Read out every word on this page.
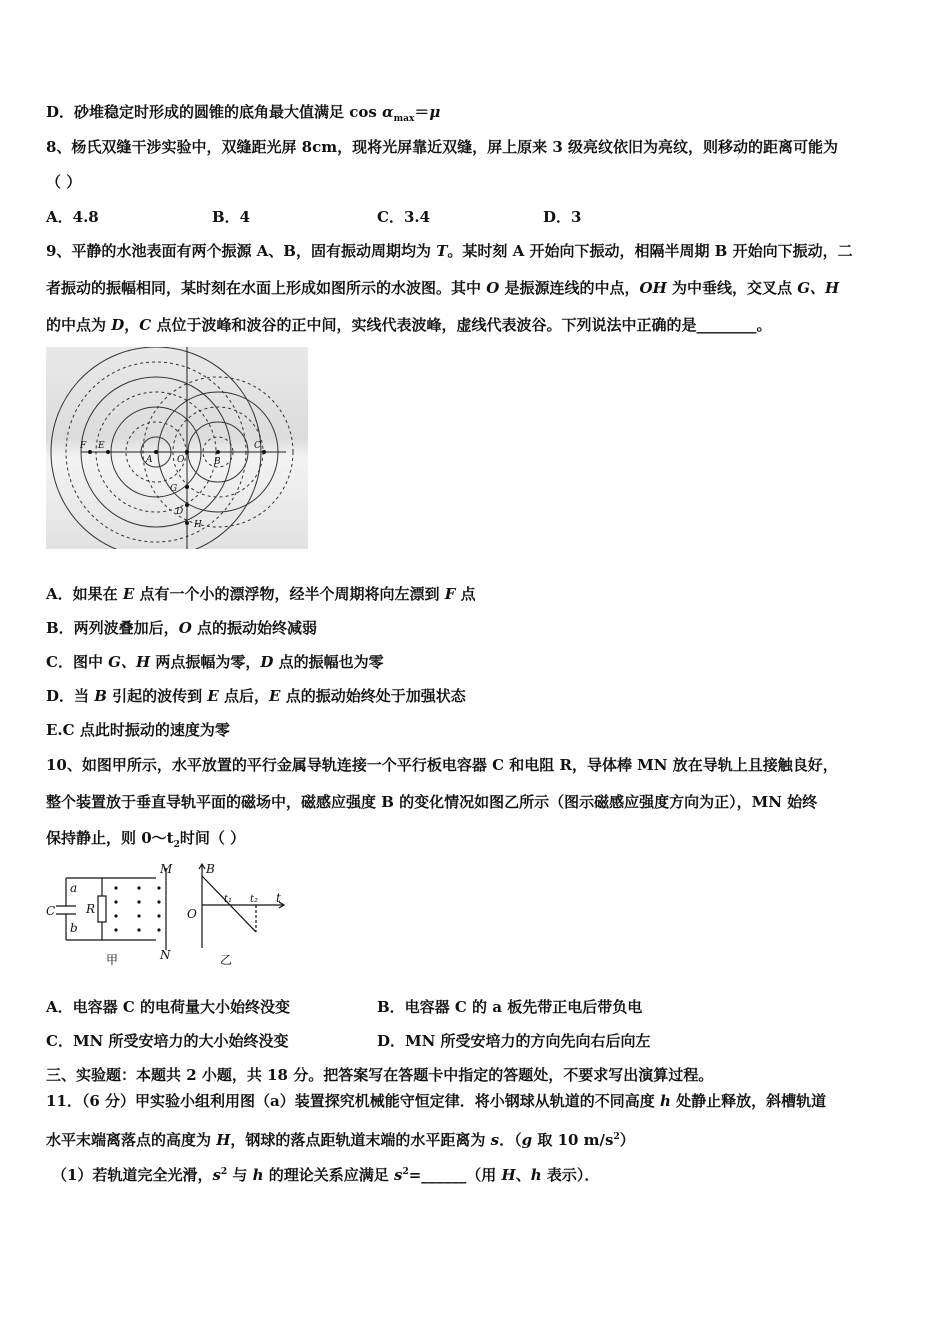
D．砂堆稳定时形成的圆锥的底角最大值满足 $\cos \alpha_{max}=\mu$
8、杨氏双缝干涉实验中，双缝距光屏 8cm，现将光屏靠近双缝，屏上原来 3 级亮纹依旧为亮纹，则移动的距离可能为
（ ）
A．4.8	B．4	C．3.4	D．3
9、平静的水池表面有两个振源 A、B，固有振动周期均为 T。某时刻 A 开始向下振动，相隔半周期 B 开始向下振动，二
者振动的振幅相同，某时刻在水面上形成如图所示的水波图。其中 O 是振源连线的中点，OH 为中垂线，交叉点 G、H
的中点为 D，C 点位于波峰和波谷的正中间，实线代表波峰，虚线代表波谷。下列说法中正确的是________。
F E
A	O	B
C
G
D
H
A．如果在 E 点有一个小的漂浮物，经半个周期将向左漂到 F 点
B．两列波叠加后，O 点的振动始终减弱
C．图中 G、H 两点振幅为零，D 点的振幅也为零
D．当 B 引起的波传到 E 点后，E 点的振动始终处于加强状态
E.C 点此时振动的速度为零
10、如图甲所示，水平放置的平行金属导轨连接一个平行板电容器 C 和电阻 R，导体棒 MN 放在导轨上且接触良好，
整个装置放于垂直导轨平面的磁场中，磁感应强度 B 的变化情况如图乙所示（图示磁感应强度方向为正），MN 始终
保持静止，则 $0\sim t_2$时间（ ）
M
N
a
b
C	R
甲
B
O
t₁ t₂ t
乙
A．电容器 C 的电荷量大小始终没变	B．电容器 C 的 a 板先带正电后带负电
C．MN 所受安培力的大小始终没变	D．MN 所受安培力的方向先向右后向左
三、实验题：本题共 2 小题，共 18 分。把答案写在答题卡中指定的答题处，不要求写出演算过程。
11．（6 分）甲实验小组利用图（a）装置探究机械能守恒定律．将小钢球从轨道的不同高度 h 处静止释放，斜槽轨道
水平末端离落点的高度为 H，钢球的落点距轨道末端的水平距离为 s．（g 取 10 $m/s^2$）
（1）若轨道完全光滑，$s^2$ 与 h 的理论关系应满足 $s^2=\_\_\_\_\_\_$（用 H、h 表示）．
